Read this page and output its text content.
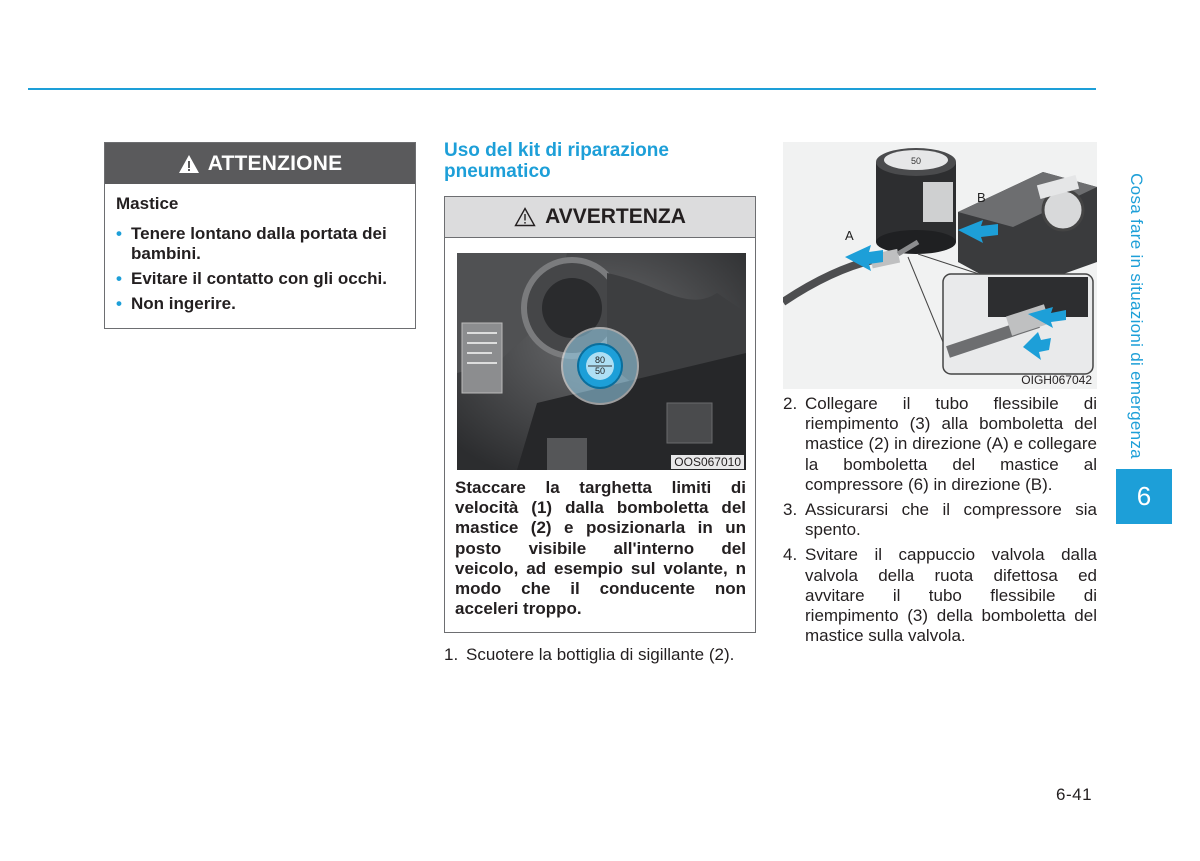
ATTENZIONE
Mastice
• Tenere lontano dalla portata dei bambini.
• Evitare il contatto con gli occhi.
• Non ingerire.
Uso del kit di riparazione pneumatico
AVVERTENZA
80
50
OOS067010
Staccare la targhetta limiti di velocità (1) dalla bomboletta del mastice (2) e posizionarla in un posto visibile all'interno del veicolo, ad esempio sul volante, n modo che il conducente non acceleri troppo.
1. Scuotere la bottiglia di sigillante (2).
50
A
B
OIGH067042
2. Collegare il tubo flessibile di riempimento (3) alla bomboletta del mastice (2) in direzione (A) e collegare la bomboletta del mastice al compressore (6) in direzione (B).
3. Assicurarsi che il compressore sia spento.
4. Svitare il cappuccio valvola dalla valvola della ruota difettosa ed avvitare il tubo flessibile di riempimento (3) della bomboletta del mastice sulla valvola.
Cosa fare in situazioni di emergenza
6
6-41
